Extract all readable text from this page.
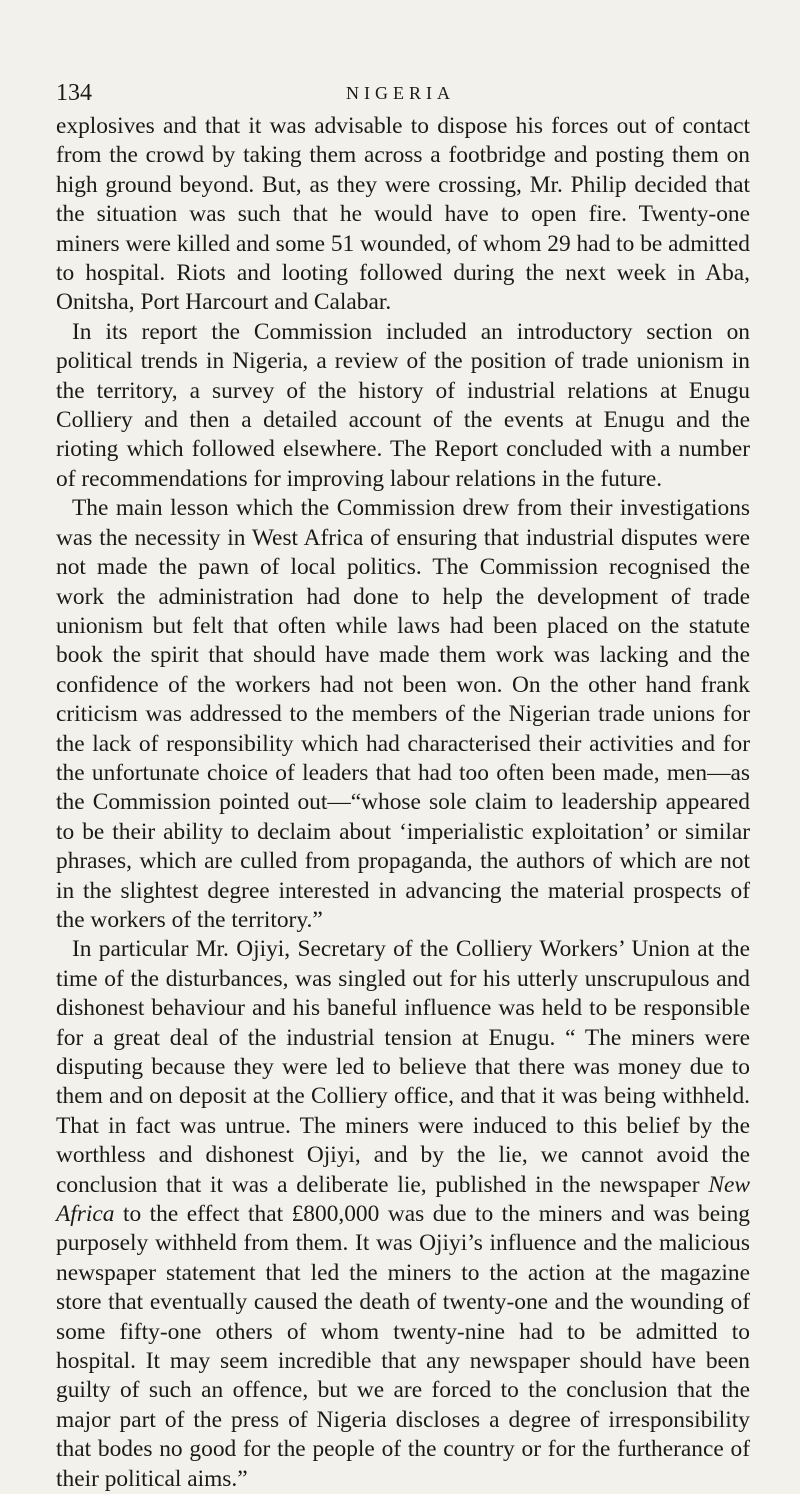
134	NIGERIA

explosives and that it was advisable to dispose his forces out of contact from the crowd by taking them across a footbridge and posting them on high ground beyond. But, as they were crossing, Mr. Philip decided that the situation was such that he would have to open fire. Twenty-one miners were killed and some 51 wounded, of whom 29 had to be admitted to hospital. Riots and looting followed during the next week in Aba, Onitsha, Port Harcourt and Calabar.

In its report the Commission included an introductory section on political trends in Nigeria, a review of the position of trade unionism in the territory, a survey of the history of industrial relations at Enugu Colliery and then a detailed account of the events at Enugu and the rioting which followed elsewhere. The Report concluded with a number of recommendations for improving labour relations in the future.

The main lesson which the Commission drew from their investigations was the necessity in West Africa of ensuring that industrial disputes were not made the pawn of local politics. The Commission recognised the work the administration had done to help the development of trade unionism but felt that often while laws had been placed on the statute book the spirit that should have made them work was lacking and the confidence of the workers had not been won. On the other hand frank criticism was addressed to the members of the Nigerian trade unions for the lack of responsibility which had characterised their activities and for the unfortunate choice of leaders that had too often been made, men—as the Commission pointed out—“whose sole claim to leadership appeared to be their ability to declaim about ‘imperialistic exploitation’ or similar phrases, which are culled from propaganda, the authors of which are not in the slightest degree interested in advancing the material prospects of the workers of the territory.”

In particular Mr. Ojiyi, Secretary of the Colliery Workers’ Union at the time of the disturbances, was singled out for his utterly unscrupulous and dishonest behaviour and his baneful influence was held to be responsible for a great deal of the industrial tension at Enugu. “ The miners were disputing because they were led to believe that there was money due to them and on deposit at the Colliery office, and that it was being withheld. That in fact was untrue. The miners were induced to this belief by the worthless and dishonest Ojiyi, and by the lie, we cannot avoid the conclusion that it was a deliberate lie, published in the newspaper New Africa to the effect that £800,000 was due to the miners and was being purposely withheld from them. It was Ojiyi’s influence and the malicious newspaper statement that led the miners to the action at the magazine store that eventually caused the death of twenty-one and the wounding of some fifty-one others of whom twenty-nine had to be admitted to hospital. It may seem incredible that any newspaper should have been guilty of such an offence, but we are forced to the conclusion that the major part of the press of Nigeria discloses a degree of irresponsibility that bodes no good for the people of the country or for the furtherance of their political aims.”
